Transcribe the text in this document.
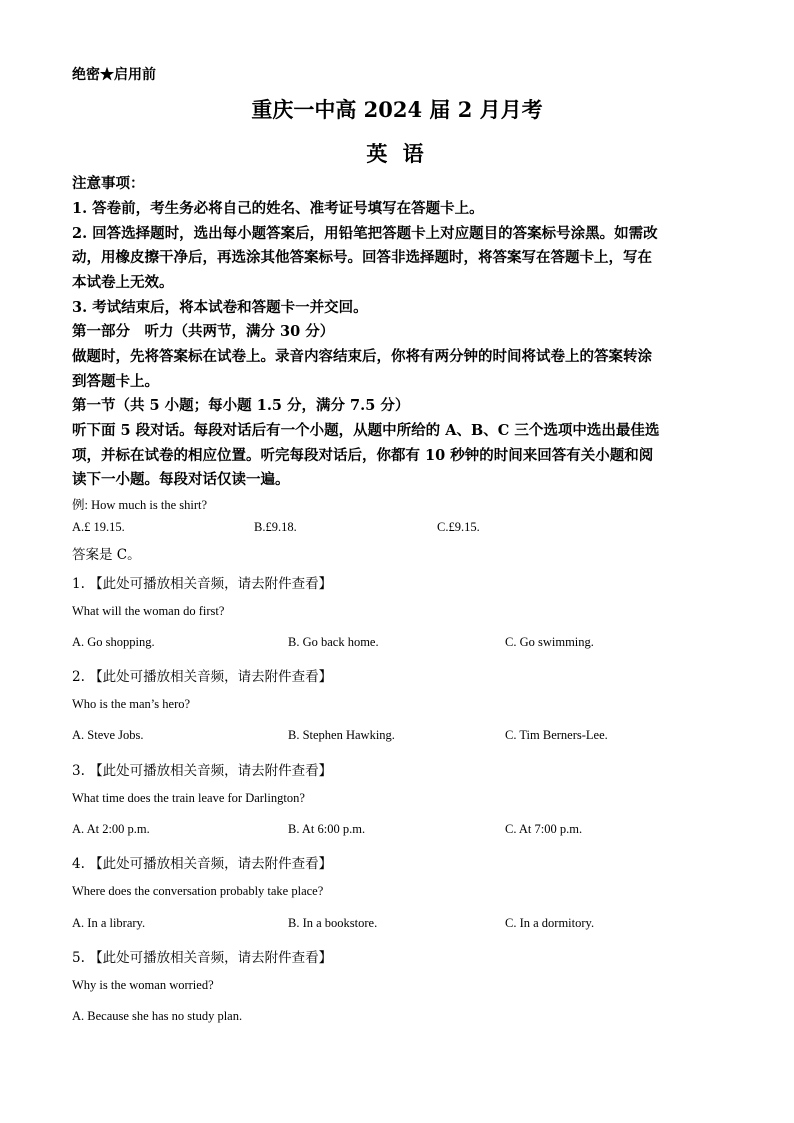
绝密★启用前
重庆一中高 2024 届 2 月月考
英 语
注意事项：
1. 答卷前，考生务必将自己的姓名、准考证号填写在答题卡上。
2. 回答选择题时，选出每小题答案后，用铅笔把答题卡上对应题目的答案标号涂黑。如需改
动，用橡皮擦干净后，再选涂其他答案标号。回答非选择题时，将答案写在答题卡上，写在
本试卷上无效。
3. 考试结束后，将本试卷和答题卡一并交回。
第一部分　听力（共两节，满分 30 分）
做题时，先将答案标在试卷上。录音内容结束后，你将有两分钟的时间将试卷上的答案转涂
到答题卡上。
第一节（共 5 小题；每小题 1.5 分，满分 7.5 分）
听下面 5 段对话。每段对话后有一个小题，从题中所给的 A、B、C 三个选项中选出最佳选
项，并标在试卷的相应位置。听完每段对话后，你都有 10 秒钟的时间来回答有关小题和阅
读下一小题。每段对话仅读一遍。
例: How much is the shirt?
A.£ 19.15.	B.£9.18.	C.£9.15.
答案是 C。
1. 【此处可播放相关音频，请去附件查看】
What will the woman do first?
A. Go shopping.	B. Go back home.	C. Go swimming.
2. 【此处可播放相关音频，请去附件查看】
Who is the man’s hero?
A. Steve Jobs.	B. Stephen Hawking.	C. Tim Berners-Lee.
3. 【此处可播放相关音频，请去附件查看】
What time does the train leave for Darlington?
A. At 2:00 p.m.	B. At 6:00 p.m.	C. At 7:00 p.m.
4. 【此处可播放相关音频，请去附件查看】
Where does the conversation probably take place?
A. In a library.	B. In a bookstore.	C. In a dormitory.
5. 【此处可播放相关音频，请去附件查看】
Why is the woman worried?
A. Because she has no study plan.
